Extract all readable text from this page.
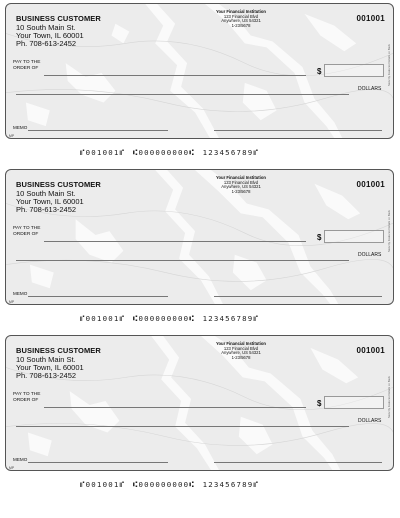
BUSINESS CUSTOMER
10 South Main St.
Your Town, IL 60001
Ph. 708-613-2452
Your Financial Institution
123 Financial Blvd
Anywhere, US 54321
1-23/5678
001001
PAY TO THE
ORDER OF	$
DOLLARS
MEMO
MP
Security Features Details on Back
⑈001001⑈ ⑆000000000⑆ 123456789⑈
BUSINESS CUSTOMER
10 South Main St.
Your Town, IL 60001
Ph. 708-613-2452
Your Financial Institution
123 Financial Blvd
Anywhere, US 54321
1-23/5678
001001
PAY TO THE
ORDER OF	$
DOLLARS
MEMO
MP
Security Features Details on Back
⑈001001⑈ ⑆000000000⑆ 123456789⑈
BUSINESS CUSTOMER
10 South Main St.
Your Town, IL 60001
Ph. 708-613-2452
Your Financial Institution
123 Financial Blvd
Anywhere, US 54321
1-23/5678
001001
PAY TO THE
ORDER OF	$
DOLLARS
MEMO
MP
Security Features Details on Back
⑈001001⑈ ⑆000000000⑆ 123456789⑈
